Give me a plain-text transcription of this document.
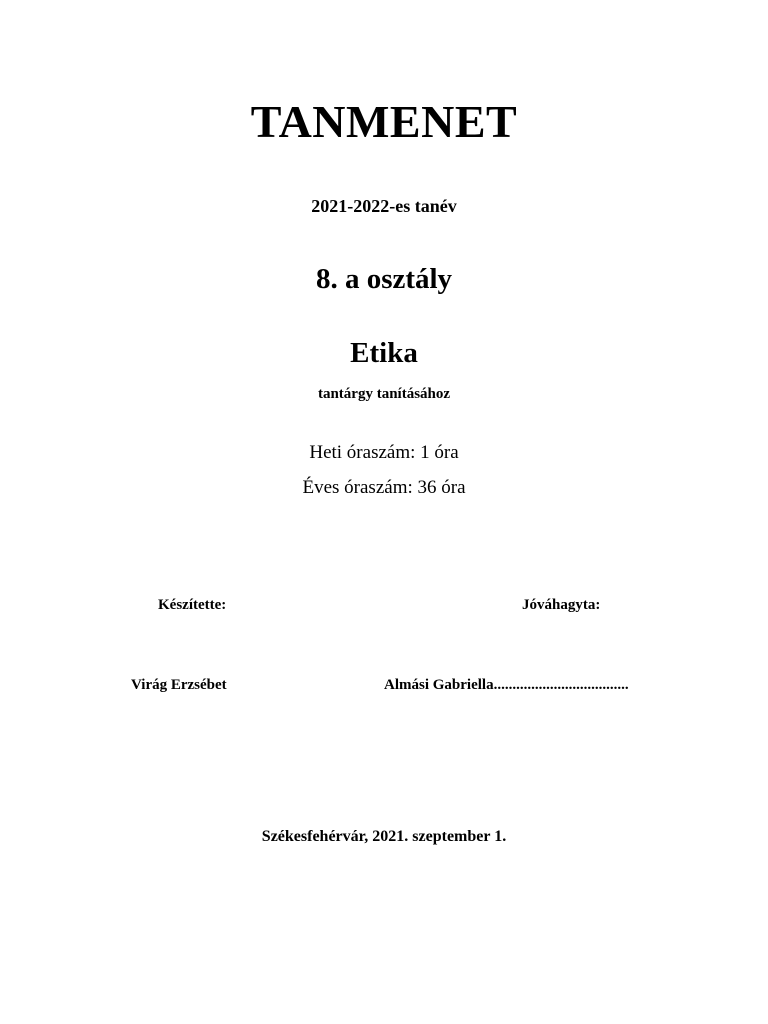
TANMENET
2021-2022-es tanév
8. a osztály
Etika
tantárgy tanításához
Heti óraszám: 1 óra
Éves óraszám: 36 óra
Készítette:	Jóváhagyta:
Virág Erzsébet	Almási Gabriella....................................
Székesfehérvár, 2021. szeptember 1.
